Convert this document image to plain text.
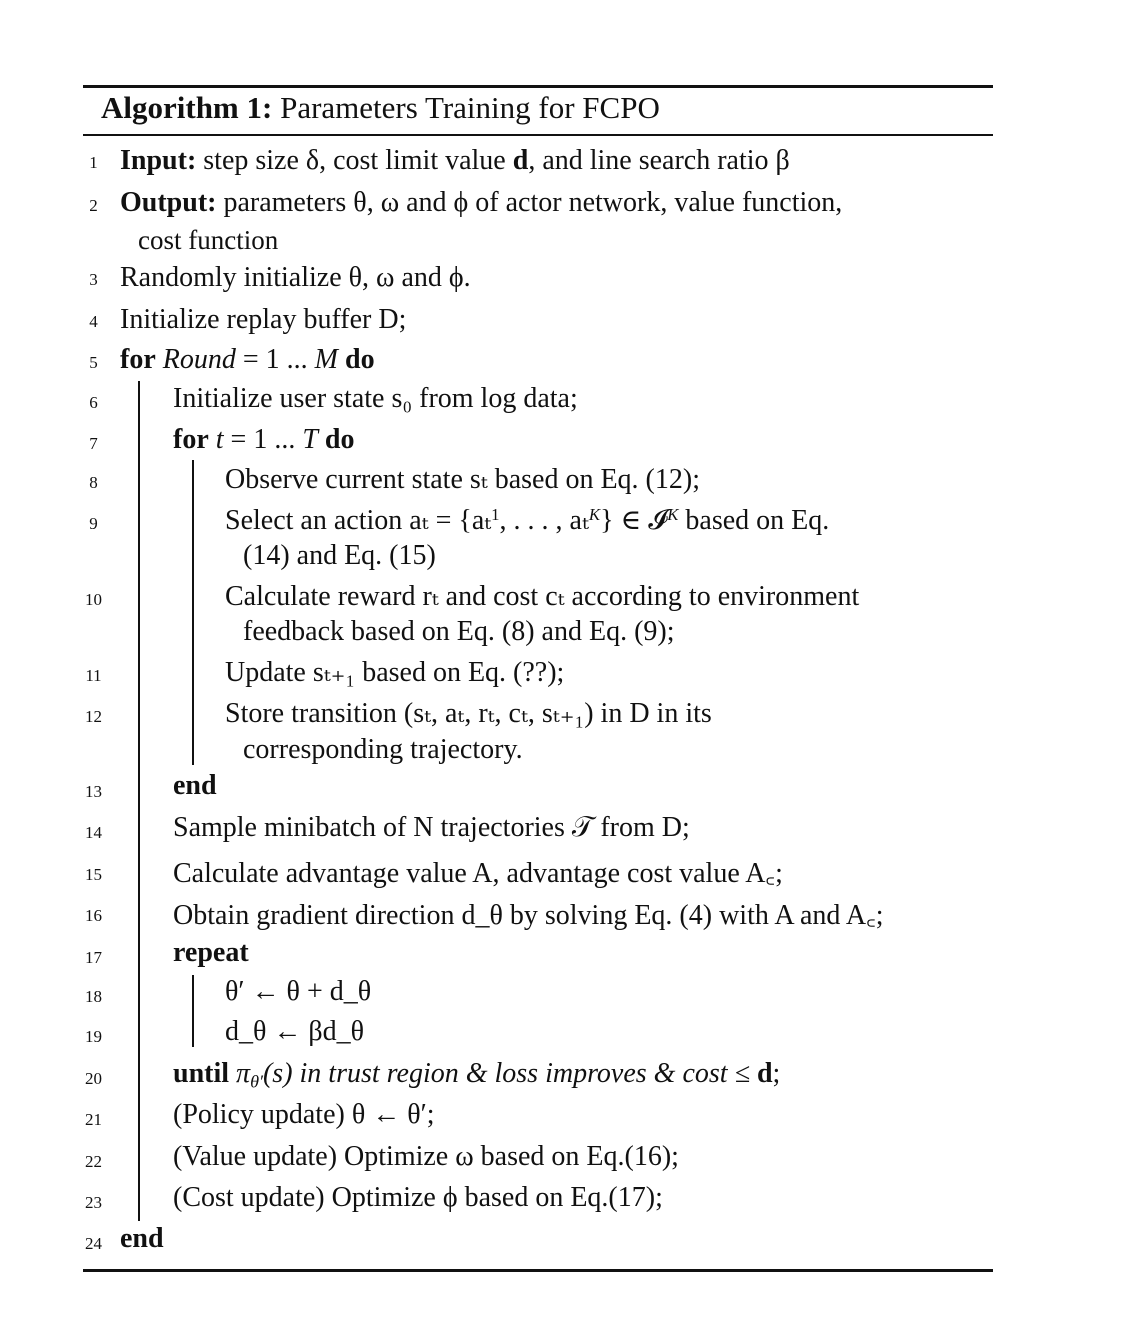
Algorithm 1: Parameters Training for FCPO
1
2
3
4
5
6
7
8
9
10
11
12
13
14
15
16
17
18
19
20
21
22
23
24
Input: step size δ, cost limit value d, and line search ratio β
Output: parameters θ, ω and ϕ of actor network, value function,
cost function
Randomly initialize θ, ω and ϕ.
Initialize replay buffer D;
for Round = 1 ... M do
Initialize user state s₀ from log data;
for t = 1 ... T do
Observe current state sₜ based on Eq. (12);
Select an action aₜ = {aₜ$^1$, . . . , aₜ$^K$} ∈ 𝓘$^K$ based on Eq.
(14) and Eq. (15)
Calculate reward rₜ and cost cₜ according to environment
feedback based on Eq. (8) and Eq. (9);
Update sₜ₊₁ based on Eq. (??);
Store transition (sₜ, aₜ, rₜ, cₜ, sₜ₊₁) in D in its
corresponding trajectory.
end
Sample minibatch of N trajectories 𝒯 from D;
Calculate advantage value A, advantage cost value A꜀;
Obtain gradient direction d_θ by solving Eq. (4) with A and A꜀;
repeat
θ′ ← θ + d_θ
d_θ ← βd_θ
until $\pi_{\theta'}(s)$ in trust region & loss improves & cost ≤ d;
(Policy update) θ ← θ′;
(Value update) Optimize ω based on Eq.(16);
(Cost update) Optimize ϕ based on Eq.(17);
end
